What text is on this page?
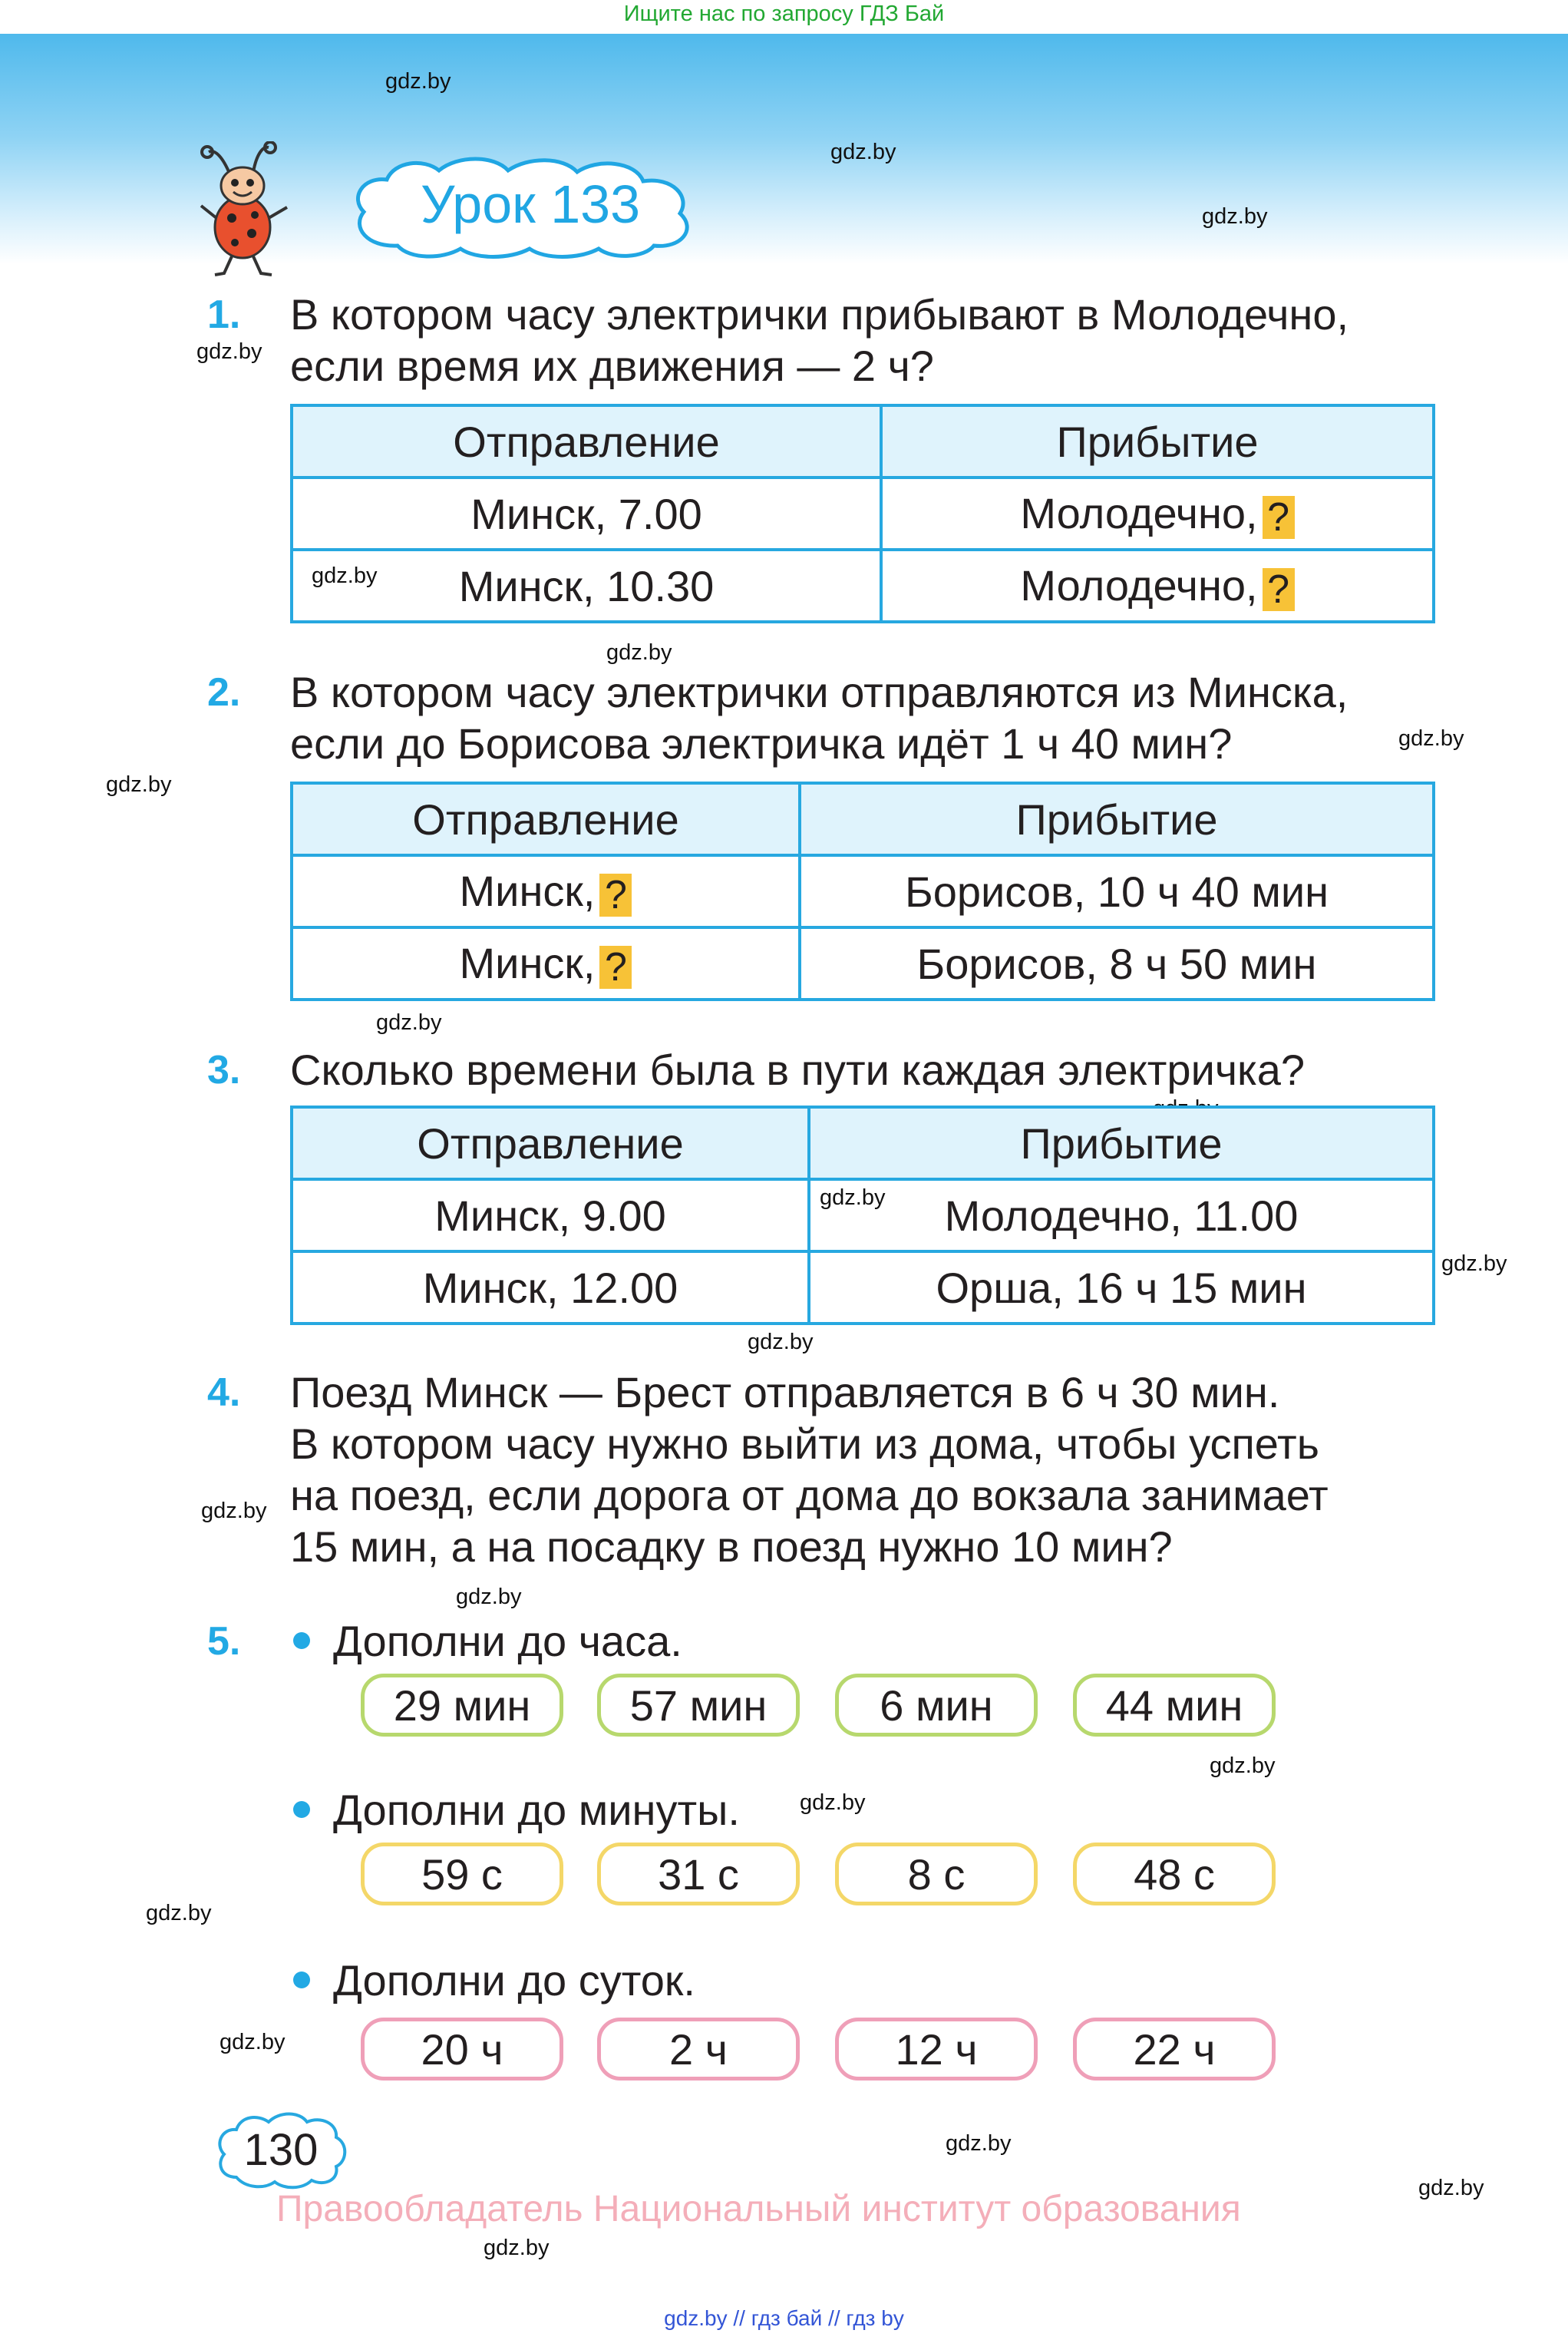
Ищите нас по запросу ГДЗ Бай
Урок 133
gdz.by
gdz.by
gdz.by
gdz.by
gdz.by
gdz.by
gdz.by
gdz.by
gdz.by
gdz.by
gdz.by
gdz.by
gdz.by
gdz.by
gdz.by
gdz.by
gdz.by
gdz.by
gdz.by
gdz.by
gdz.by
1. В котором часу электрички прибывают в Молодечно,
если время их движения — 2 ч?
Отправление	Прибытие
Минск, 7.00	Молодечно, ?
Минск, 10.30	Молодечно, ?
2. В котором часу электрички отправляются из Минска,
если до Борисова электричка идёт 1 ч 40 мин?
Отправление	Прибытие
Минск, ?	Борисов, 10 ч 40 мин
Минск, ?	Борисов, 8 ч 50 мин
3. Сколько времени была в пути каждая электричка?
Отправление	Прибытие
Минск, 9.00	Молодечно, 11.00
Минск, 12.00	Орша, 16 ч 15 мин
4. Поезд Минск — Брест отправляется в 6 ч 30 мин.
В котором часу нужно выйти из дома, чтобы успеть
на поезд, если дорога от дома до вокзала занимает
15 мин, а на посадку в поезд нужно 10 мин?
5. Дополни до часа.
29 мин	57 мин	6 мин	44 мин
Дополни до минуты.
59 с	31 с	8 с	48 с
Дополни до суток.
20 ч	2 ч	12 ч	22 ч
130
Правообладатель Национальный институт образования
gdz.by // гдз бай // гдз by
